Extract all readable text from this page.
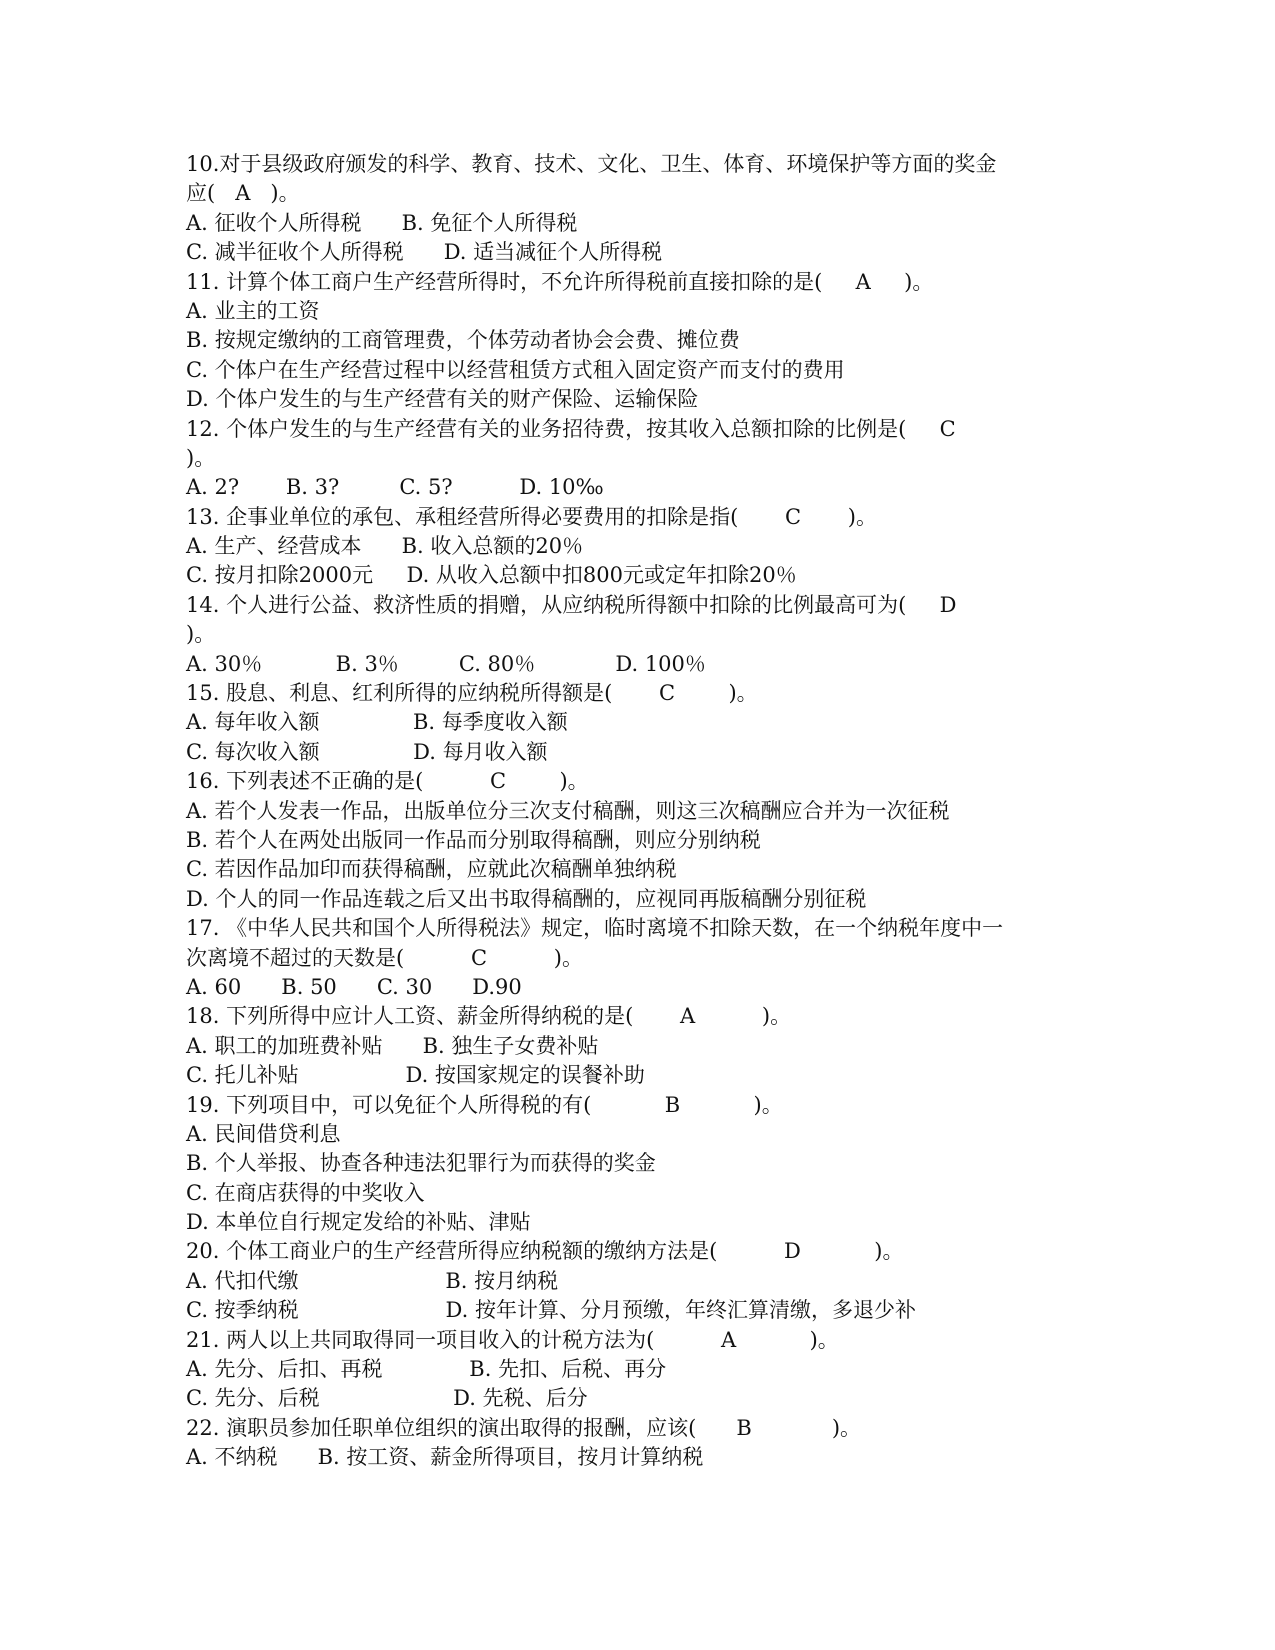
10.对于县级政府颁发的科学、教育、技术、文化、卫生、体育、环境保护等方面的奖金
应(   A   )。
A. 征收个人所得税      B. 免征个人所得税
C. 减半征收个人所得税      D. 适当减征个人所得税
11. 计算个体工商户生产经营所得时，不允许所得税前直接扣除的是(     A     )。
A. 业主的工资
B. 按规定缴纳的工商管理费，个体劳动者协会会费、摊位费
C. 个体户在生产经营过程中以经营租赁方式租入固定资产而支付的费用
D. 个体户发生的与生产经营有关的财产保险、运输保险
12. 个体户发生的与生产经营有关的业务招待费，按其收入总额扣除的比例是(     C
)。
A. 2?       B. 3?         C. 5?          D. 10‰
13. 企事业单位的承包、承租经营所得必要费用的扣除是指(       C       )。
A. 生产、经营成本      B. 收入总额的20％
C. 按月扣除2000元     D. 从收入总额中扣800元或定年扣除20％
14. 个人进行公益、救济性质的捐赠，从应纳税所得额中扣除的比例最高可为(     D
)。
A. 30％           B. 3％         C. 80％            D. 100％
15. 股息、利息、红利所得的应纳税所得额是(       C        )。
A. 每年收入额              B. 每季度收入额
C. 每次收入额              D. 每月收入额
16. 下列表述不正确的是(          C        )。
A. 若个人发表一作品，出版单位分三次支付稿酬，则这三次稿酬应合并为一次征税
B. 若个人在两处出版同一作品而分别取得稿酬，则应分别纳税
C. 若因作品加印而获得稿酬，应就此次稿酬单独纳税
D. 个人的同一作品连载之后又出书取得稿酬的，应视同再版稿酬分别征税
17. 《中华人民共和国个人所得税法》规定，临时离境不扣除天数，在一个纳税年度中一
次离境不超过的天数是(          C          )。
A. 60      B. 50      C. 30      D.90
18. 下列所得中应计人工资、薪金所得纳税的是(       A          )。
A. 职工的加班费补贴      B. 独生子女费补贴
C. 托儿补贴                D. 按国家规定的误餐补助
19. 下列项目中，可以免征个人所得税的有(           B           )。
A. 民间借贷利息
B. 个人举报、协查各种违法犯罪行为而获得的奖金
C. 在商店获得的中奖收入
D. 本单位自行规定发给的补贴、津贴
20. 个体工商业户的生产经营所得应纳税额的缴纳方法是(          D           )。
A. 代扣代缴                      B. 按月纳税
C. 按季纳税                      D. 按年计算、分月预缴，年终汇算清缴，多退少补
21. 两人以上共同取得同一项目收入的计税方法为(          A           )。
A. 先分、后扣、再税             B. 先扣、后税、再分
C. 先分、后税                    D. 先税、后分
22. 演职员参加任职单位组织的演出取得的报酬，应该(      B            )。
A. 不纳税      B. 按工资、薪金所得项目，按月计算纳税
